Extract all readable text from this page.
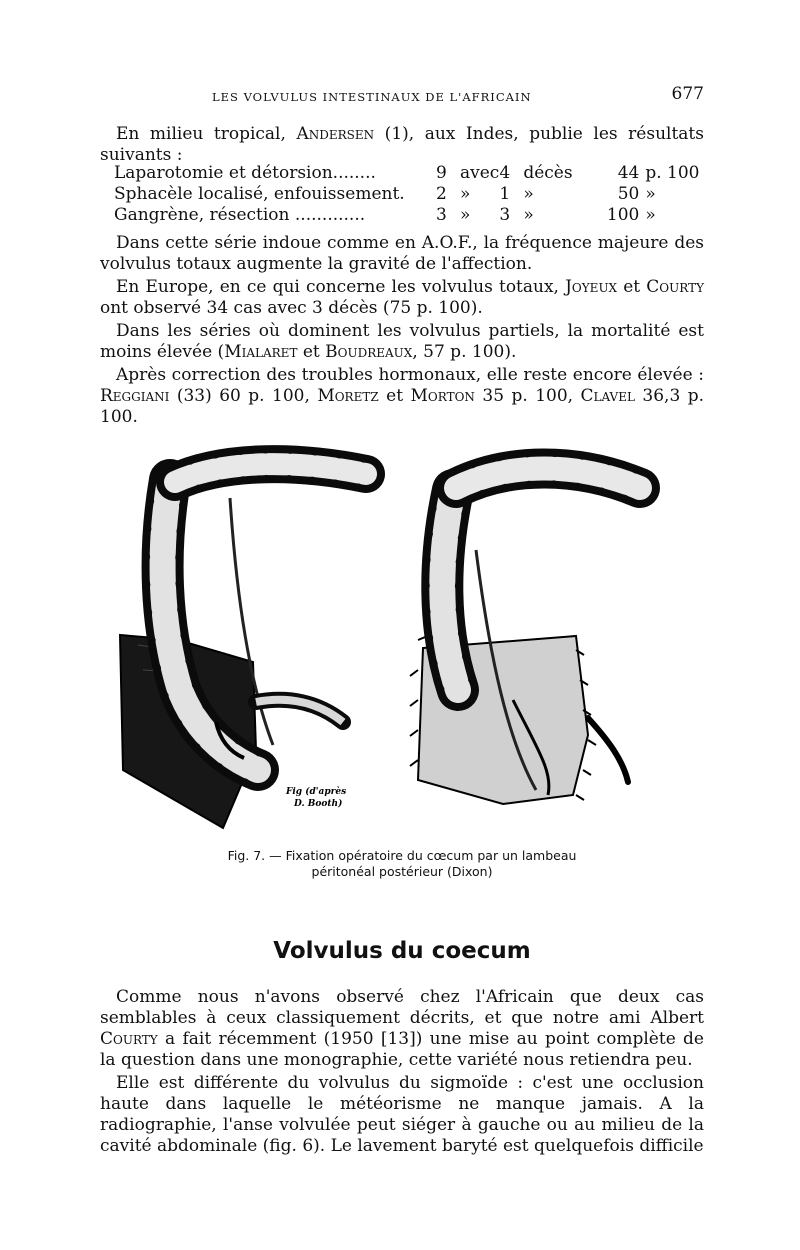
LES VOLVULUS INTESTINAUX DE L'AFRICAIN	677

En milieu tropical, Andersen (1), aux Indes, publie les résultats suivants :

Laparotomie et détorsion........	9	avec	4	décès	44	p. 100
Sphacèle localisé, enfouissement.	2	»	1	»	50	»
Gangrène, résection .............	3	»	3	»	100	»

Dans cette série indoue comme en A.O.F., la fréquence majeure des volvulus totaux augmente la gravité de l'affection.

En Europe, en ce qui concerne les volvulus totaux, Joyeux et Courty ont observé 34 cas avec 3 décès (75 p. 100).

Dans les séries où dominent les volvulus partiels, la mortalité est moins élevée (Mialaret et Boudreaux, 57 p. 100).

Après correction des troubles hormonaux, elle reste encore élevée : Reggiani (33) 60 p. 100, Moretz et Morton 35 p. 100, Clavel 36,3 p. 100.

Fig (d'après
D. Booth)
Fig. 7. — Fixation opératoire du cœcum par un lambeau
péritonéal postérieur (Dixon)
Volvulus du coecum

Comme nous n'avons observé chez l'Africain que deux cas semblables à ceux classiquement décrits, et que notre ami Albert Courty a fait récemment (1950 [13]) une mise au point complète de la question dans une monographie, cette variété nous retiendra peu.

Elle est différente du volvulus du sigmoïde : c'est une occlusion haute dans laquelle le météorisme ne manque jamais. A la radiographie, l'anse volvulée peut siéger à gauche ou au milieu de la cavité abdominale (fig. 6). Le lavement baryté est quelquefois difficile
